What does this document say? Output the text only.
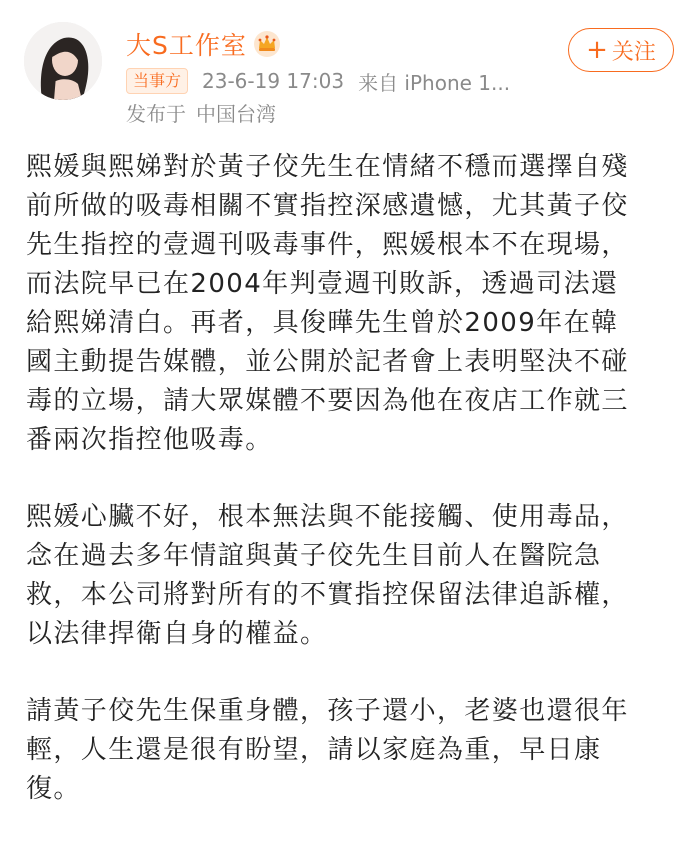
大S工作室
当事方	23-6-19 17:03 来自 iPhone 1...
发布于 中国台湾
+ 关注

熙媛與熙娣對於黃子佼先生在情緒不穩而選擇自殘

前所做的吸毒相關不實指控深感遺憾，尤其黃子佼

先生指控的壹週刊吸毒事件，熙媛根本不在現場，

而法院早已在2004年判壹週刊敗訴，透過司法還

給熙娣清白。再者，具俊曄先生曾於2009年在韓

國主動提告媒體，並公開於記者會上表明堅決不碰

毒的立場，請大眾媒體不要因為他在夜店工作就三

番兩次指控他吸毒。

熙媛心臟不好，根本無法與不能接觸、使用毒品，

念在過去多年情誼與黃子佼先生目前人在醫院急

救，本公司將對所有的不實指控保留法律追訴權，

以法律捍衛自身的權益。

請黃子佼先生保重身體，孩子還小，老婆也還很年

輕，人生還是很有盼望，請以家庭為重，早日康

復。
